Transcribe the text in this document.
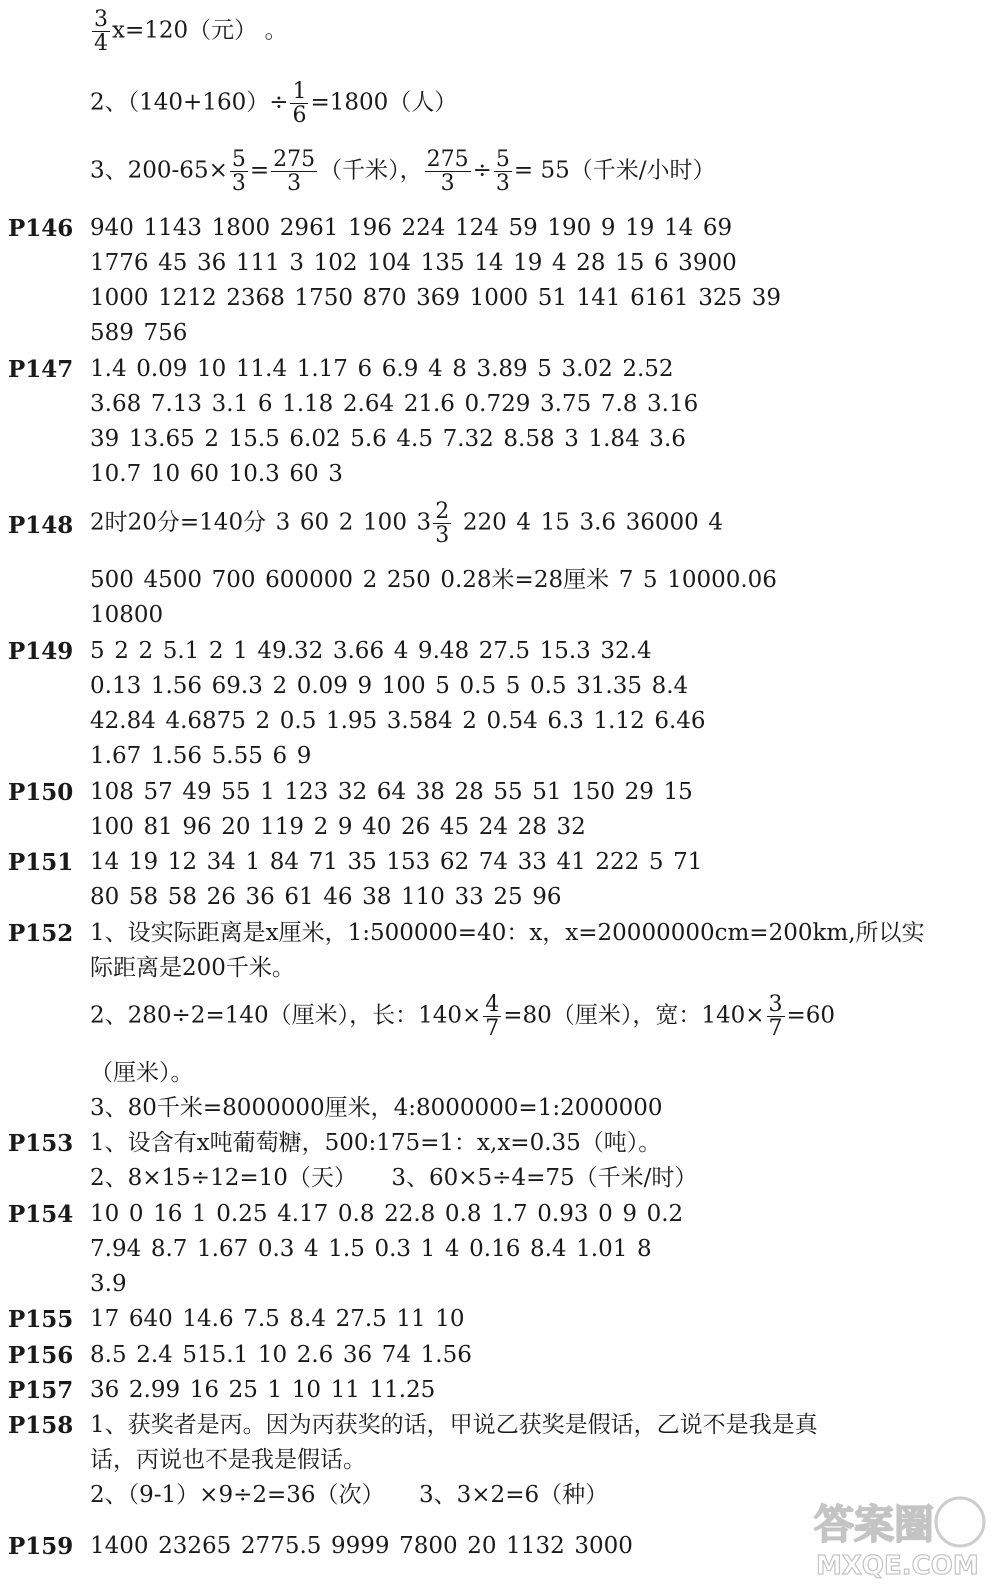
$\frac{3}{4} x=120$（元） 。
2、$(140+160)\div \frac{1}{6} =1800$（人）
3、$200-65\times \frac{5}{3} = \frac{275}{3}$ （千米）， $\frac{275}{3} \div \frac{5}{3} = 55$（千米/小时）
P146 940 1143 1800 2961 196 224 124 59 190 9 19 14 69
1776 45 36 111 3 102 104 135 14 19 4 28 15 6 3900
1000 1212 2368 1750 870 369 1000 51 141 6161 325 39
589 756
P147 1.4 0.09 10 11.4 1.17 6 6.9 4 8 3.89 5 3.02 2.52
3.68 7.13 3.1 6 1.18 2.64 21.6 0.729 3.75 7.8 3.16
39 13.65 2 15.5 6.02 5.6 4.5 7.32 8.58 3 1.84 3.6
10.7 10 60 10.3 60 3
P148 2时20分=140分 3 60 2 100 $3 \frac{2}{3} 220$ 4 15 3.6 36000 4
500 4500 700 600000 2 250 0.28米=28厘米 7 5 10000.06
10800
P149 5 2 2 5.1 2 1 49.32 3.66 4 9.48 27.5 15.3 32.4
0.13 1.56 69.3 2 0.09 9 100 5 0.5 5 0.5 31.35 8.4
42.84 4.6875 2 0.5 1.95 3.584 2 0.54 6.3 1.12 6.46
1.67 1.56 5.55 6 9
P150 108 57 49 55 1 123 32 64 38 28 55 51 150 29 15
100 81 96 20 119 2 9 40 26 45 24 28 32
P151 14 19 12 34 1 84 71 35 153 62 74 33 41 222 5 71
80 58 58 26 36 61 46 38 110 33 25 96
P152 1、设实际距离是x厘米，1:500000=40：x，x=20000000cm=200km,所以实
际距离是200千米。
2、280÷2=140（厘米），长：$140\times \frac{4}{7} =80$（厘米），宽：$140\times \frac{3}{7} =60$
（厘米）。
3、80千米=8000000厘米，4:8000000=1:2000000
P153 1、设含有x吨葡萄糖，500:175=1：x,x=0.35（吨）。
2、8×15÷12=10（天）　　3、60×5÷4=75（千米/时）
P154 10 0 16 1 0.25 4.17 0.8 22.8 0.8 1.7 0.93 0 9 0.2
7.94 8.7 1.67 0.3 4 1.5 0.3 1 4 0.16 8.4 1.01 8
3.9
P155 17 640 14.6 7.5 8.4 27.5 11 10
P156 8.5 2.4 515.1 10 2.6 36 74 1.56
P157 36 2.99 16 25 1 10 11 11.25
P158 1、获奖者是丙。因为丙获奖的话，甲说乙获奖是假话，乙说不是我是真
话，丙说也不是我是假话。
2、（9-1）×9÷2=36（次）　　3、3×2=6（种）
P159 1400 23265 2775.5 9999 7800 20 1132 3000	答案圈
MXQE.COM
